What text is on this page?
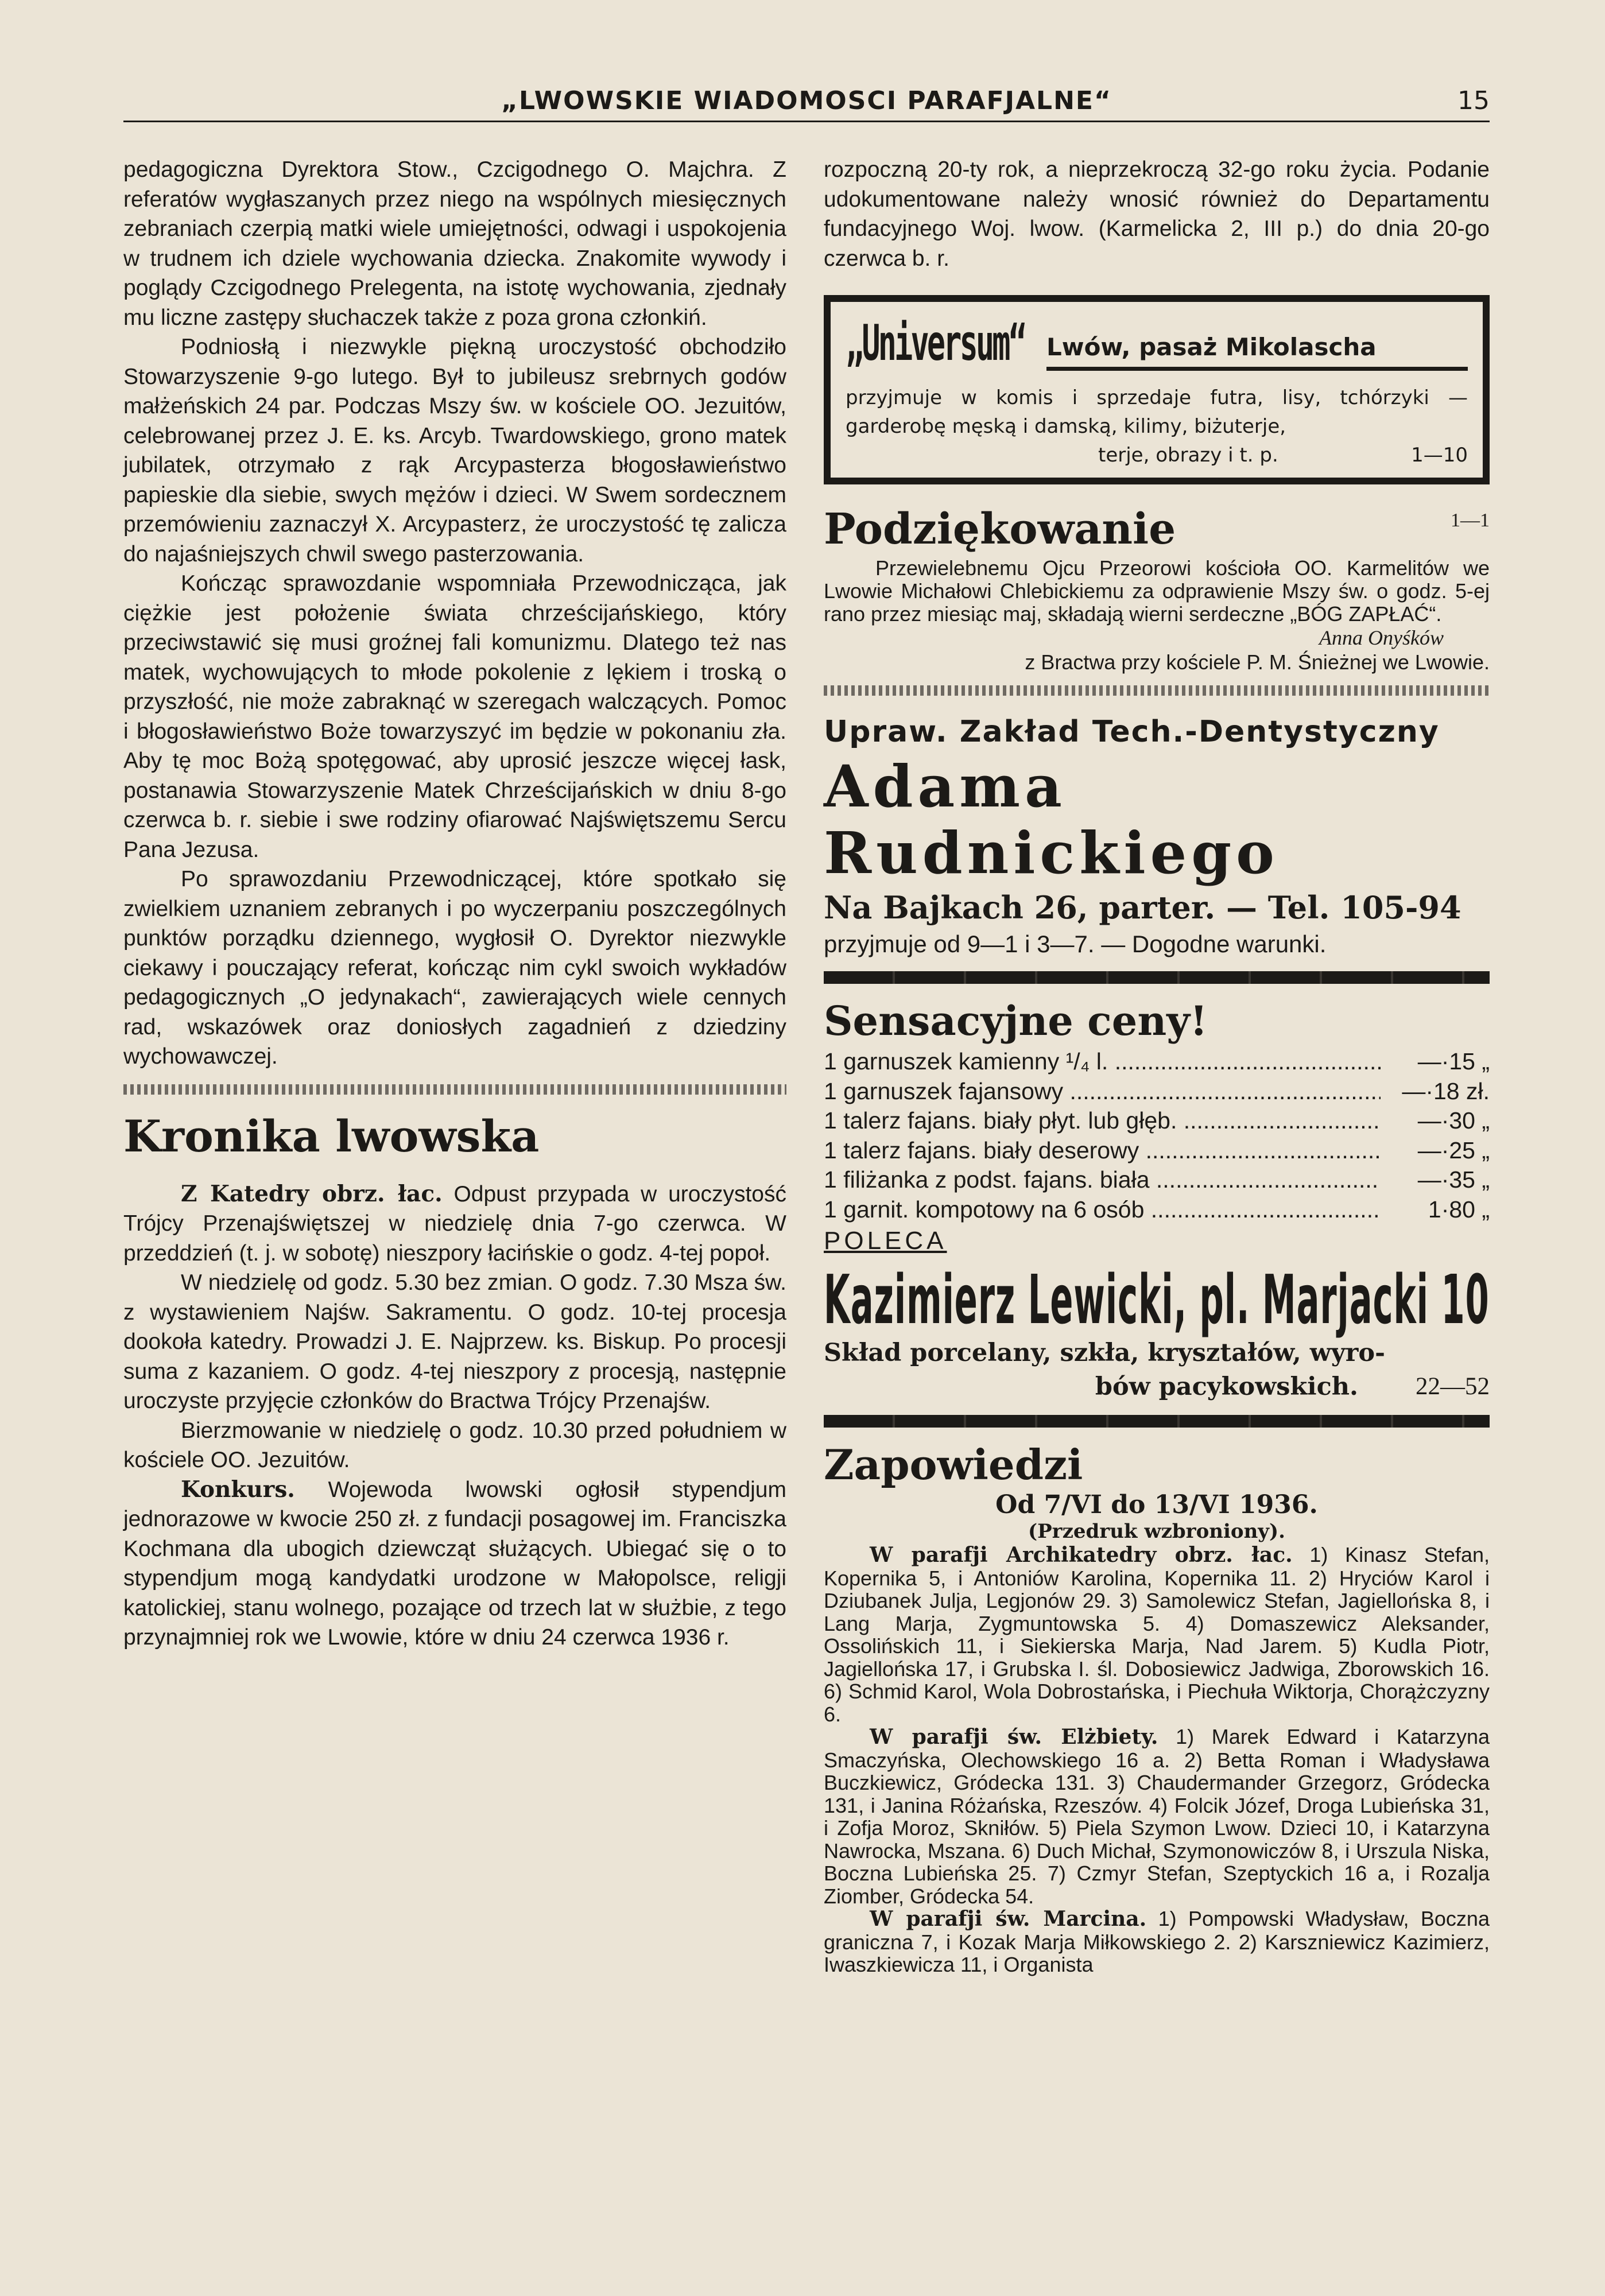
„LWOWSKIE WIADOMOSCI PARAFJALNE“	15

pedagogiczna Dyrektora Stow., Czcigodnego O. Majchra. Z referatów wygłaszanych przez niego na wspólnych miesięcznych zebraniach czerpią matki wiele umiejętności, odwagi i uspokojenia w trudnem ich dziele wychowania dziecka. Znakomite wywody i poglądy Czcigodnego Prelegenta, na istotę wychowania, zjednały mu liczne zastępy słuchaczek także z poza grona członkiń.

Podniosłą i niezwykle piękną uroczystość obchodziło Stowarzyszenie 9-go lutego. Był to jubileusz srebrnych godów małżeńskich 24 par. Podczas Mszy św. w kościele OO. Jezuitów, celebrowanej przez J. E. ks. Arcyb. Twardowskiego, grono matek jubilatek, otrzymało z rąk Arcypasterza błogosławieństwo papieskie dla siebie, swych mężów i dzieci. W Swem sordecznem przemówieniu zaznaczył X. Arcypasterz, że uroczystość tę zalicza do najaśniejszych chwil swego pasterzowania.

Kończąc sprawozdanie wspomniała Przewodnicząca, jak ciężkie jest położenie świata chrześcijańskiego, który przeciwstawić się musi groźnej fali komunizmu. Dlatego też nas matek, wychowujących to młode pokolenie z lękiem i troską o przyszłość, nie może zabraknąć w szeregach walczących. Pomoc i błogosławieństwo Boże towarzyszyć im będzie w pokonaniu zła. Aby tę moc Bożą spotęgować, aby uprosić jeszcze więcej łask, postanawia Stowarzyszenie Matek Chrześcijańskich w dniu 8-go czerwca b. r. siebie i swe rodziny ofiarować Najświętszemu Sercu Pana Jezusa.

Po sprawozdaniu Przewodniczącej, które spotkało się zwielkiem uznaniem zebranych i po wyczerpaniu poszczególnych punktów porządku dziennego, wygłosił O. Dyrektor niezwykle ciekawy i pouczający referat, kończąc nim cykl swoich wykładów pedagogicznych „O jedynakach“, zawierających wiele cennych rad, wskazówek oraz doniosłych zagadnień z dziedziny wychowawczej.

Kronika lwowska

Z Katedry obrz. łac. Odpust przypada w uroczystość Trójcy Przenajświętszej w niedzielę dnia 7-go czerwca. W przeddzień (t. j. w sobotę) nieszpory łacińskie o godz. 4-tej popoł.

W niedzielę od godz. 5.30 bez zmian. O godz. 7.30 Msza św. z wystawieniem Najśw. Sakramentu. O godz. 10-tej procesja dookoła katedry. Prowadzi J. E. Najprzew. ks. Biskup. Po procesji suma z kazaniem. O godz. 4-tej nieszpory z procesją, następnie uroczyste przyjęcie członków do Bractwa Trójcy Przenajśw.

Bierzmowanie w niedzielę o godz. 10.30 przed południem w kościele OO. Jezuitów.

Konkurs. Wojewoda lwowski ogłosił stypendjum jednorazowe w kwocie 250 zł. z fundacji posagowej im. Franciszka Kochmana dla ubogich dziewcząt służących. Ubiegać się o to stypendjum mogą kandydatki urodzone w Małopolsce, religji katolickiej, stanu wolnego, pozające od trzech lat w służbie, z tego przynajmniej rok we Lwowie, które w dniu 24 czerwca 1936 r.

rozpoczną 20-ty rok, a nieprzekroczą 32-go roku życia. Podanie udokumentowane należy wnosić również do Departamentu fundacyjnego Woj. lwow. (Karmelicka 2, III p.) do dnia 20-go czerwca b. r.

„Universum“ Lwów, pasaż Mikolascha
przyjmuje w komis i sprzedaje futra, lisy, tchórzyki — garderobę męską i damską, kilimy, biżuterje,
terje, obrazy i t. p.	1—10
Podziękowanie	1—1

Przewielebnemu Ojcu Przeorowi kościoła OO. Karmelitów we Lwowie Michałowi Chlebickiemu za odprawienie Mszy św. o godz. 5-ej rano przez miesiąc maj, składają wierni serdeczne „BÓG ZAPŁAĆ“.

Anna Onyśków
z Bractwa przy kościele P. M. Śnieżnej we Lwowie.
Upraw. Zakład Tech.-Dentystyczny
Adama Rudnickiego
Na Bajkach 26, parter. — Tel. 105-94
przyjmuje od 9—1 i 3—7. — Dogodne warunki.
Sensacyjne ceny!
1 garnuszek kamienny ¹/₄ l. .....	—·15 „
1 garnuszek fajansowy .....	—·18 zł.
1 talerz fajans. biały płyt. lub głęb. .....	—·30 „
1 talerz fajans. biały deserowy .....	—·25 „
1 filiżanka z podst. fajans. biała .....	—·35 „
1 garnit. kompotowy na 6 osób .....	1·80 „
POLECA
Kazimierz Lewicki, pl. Marjacki 10
Skład porcelany, szkła, kryształów, wyro-
bów pacykowskich. 22—52
Zapowiedzi
Od 7/VI do 13/VI 1936.
(Przedruk wzbroniony).

W parafji Archikatedry obrz. łac. 1) Kinasz Stefan, Kopernika 5, i Antoniów Karolina, Kopernika 11. 2) Hryciów Karol i Dziubanek Julja, Legjonów 29. 3) Samolewicz Stefan, Jagiellońska 8, i Lang Marja, Zygmuntowska 5. 4) Domaszewicz Aleksander, Ossolińskich 11, i Siekierska Marja, Nad Jarem. 5) Kudla Piotr, Jagiellońska 17, i Grubska I. śl. Dobosiewicz Jadwiga, Zborowskich 16. 6) Schmid Karol, Wola Dobrostańska, i Piechuła Wiktorja, Chorążczyzny 6.

W parafji św. Elżbiety. 1) Marek Edward i Katarzyna Smaczyńska, Olechowskiego 16 a. 2) Betta Roman i Władysława Buczkiewicz, Gródecka 131. 3) Chaudermander Grzegorz, Gródecka 131, i Janina Różańska, Rzeszów. 4) Folcik Józef, Droga Lubieńska 31, i Zofja Moroz, Skniłów. 5) Piela Szymon Lwow. Dzieci 10, i Katarzyna Nawrocka, Mszana. 6) Duch Michał, Szymonowiczów 8, i Urszula Niska, Boczna Lubieńska 25. 7) Czmyr Stefan, Szeptyckich 16 a, i Rozalja Ziomber, Gródecka 54.

W parafji św. Marcina. 1) Pompowski Władysław, Boczna graniczna 7, i Kozak Marja Miłkowskiego 2. 2) Karszniewicz Kazimierz, Iwaszkiewicza 11, i Organista
